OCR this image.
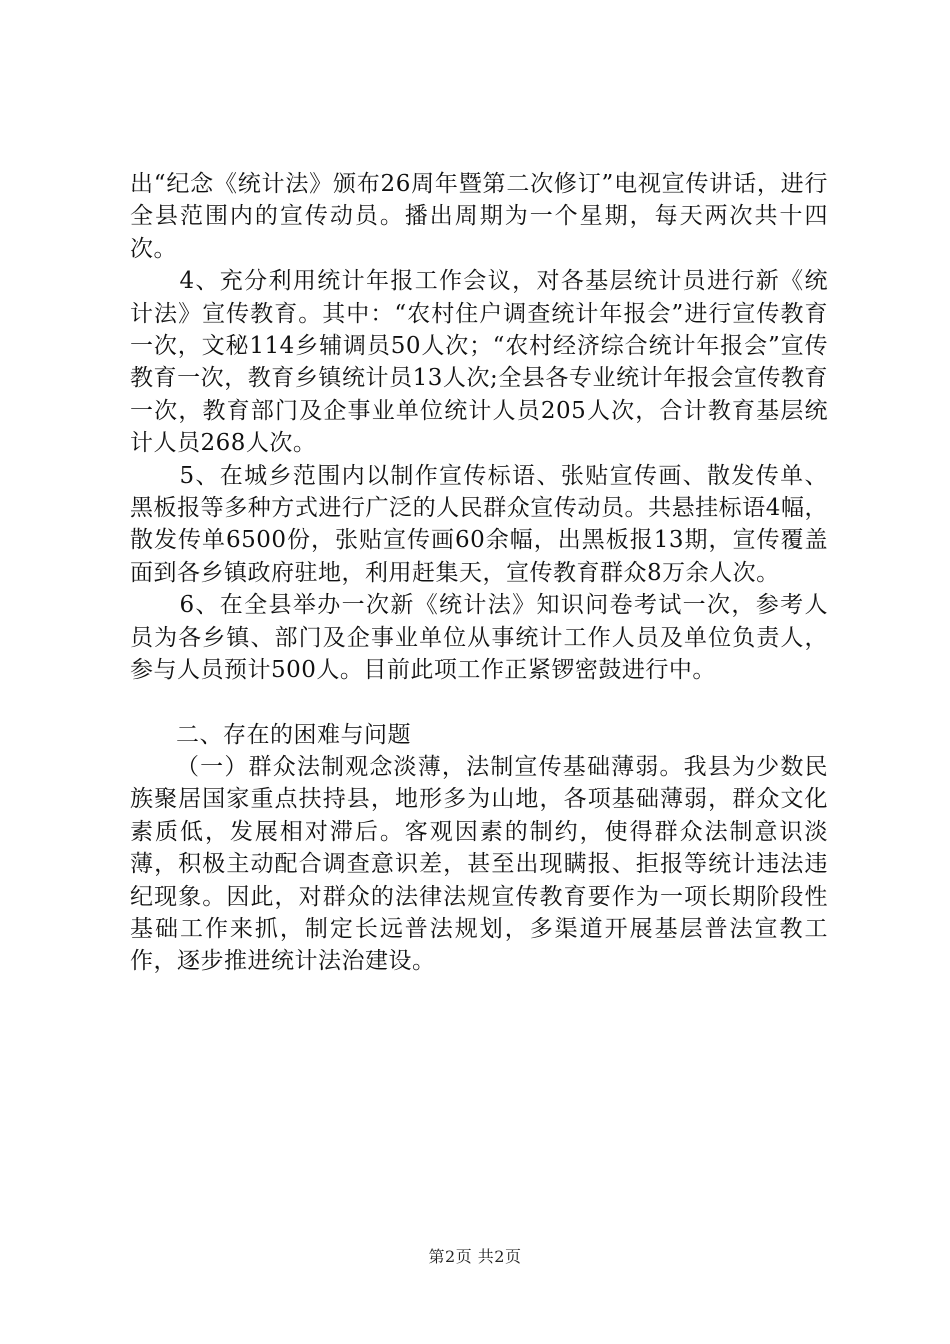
出“纪念《统计法》颁布26周年暨第二次修订”电视宣传讲话，进行全县范围内的宣传动员。播出周期为一个星期，每天两次共十四次。

4、充分利用统计年报工作会议，对各基层统计员进行新《统计法》宣传教育。其中：“农村住户调查统计年报会”进行宣传教育一次，文秘114乡辅调员50人次；“农村经济综合统计年报会”宣传教育一次，教育乡镇统计员13人次;全县各专业统计年报会宣传教育一次，教育部门及企事业单位统计人员205人次，合计教育基层统计人员268人次。

5、在城乡范围内以制作宣传标语、张贴宣传画、散发传单、黑板报等多种方式进行广泛的人民群众宣传动员。共悬挂标语4幅，散发传单6500份，张贴宣传画60余幅，出黑板报13期，宣传覆盖面到各乡镇政府驻地，利用赶集天，宣传教育群众8万余人次。

6、在全县举办一次新《统计法》知识问卷考试一次，参考人员为各乡镇、部门及企事业单位从事统计工作人员及单位负责人，参与人员预计500人。目前此项工作正紧锣密鼓进行中。

二、存在的困难与问题

（一）群众法制观念淡薄，法制宣传基础薄弱。我县为少数民族聚居国家重点扶持县，地形多为山地，各项基础薄弱，群众文化素质低，发展相对滞后。客观因素的制约，使得群众法制意识淡薄，积极主动配合调查意识差，甚至出现瞒报、拒报等统计违法违纪现象。因此，对群众的法律法规宣传教育要作为一项长期阶段性基础工作来抓，制定长远普法规划，多渠道开展基层普法宣教工作，逐步推进统计法治建设。

第2页 共2页
